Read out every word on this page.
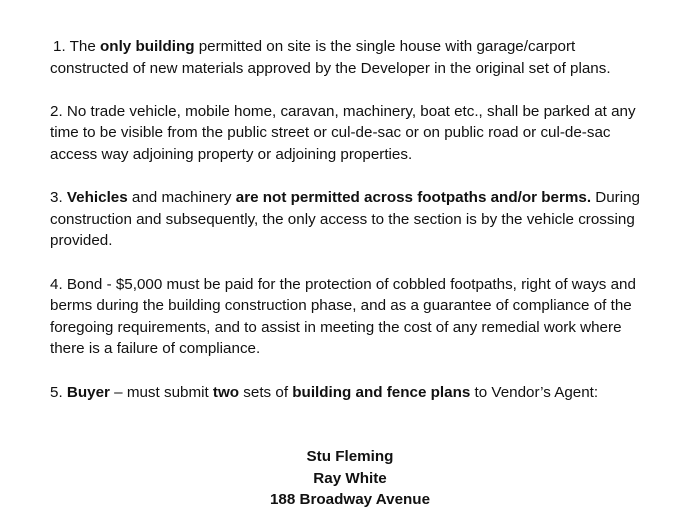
1. The only building permitted on site is the single house with garage/carport constructed of new materials approved by the Developer in the original set of plans.

2. No trade vehicle, mobile home, caravan, machinery, boat etc., shall be parked at any time to be visible from the public street or cul-de-sac or on public road or cul-de-sac access way adjoining property or adjoining properties.

3. Vehicles and machinery are not permitted across footpaths and/or berms. During construction and subsequently, the only access to the section is by the vehicle crossing provided.

4. Bond - $5,000 must be paid for the protection of cobbled footpaths, right of ways and berms during the building construction phase, and as a guarantee of compliance of the foregoing requirements, and to assist in meeting the cost of any remedial work where there is a failure of compliance.

5. Buyer – must submit two sets of building and fence plans to Vendor’s Agent:

Stu Fleming
Ray White
188 Broadway Avenue
